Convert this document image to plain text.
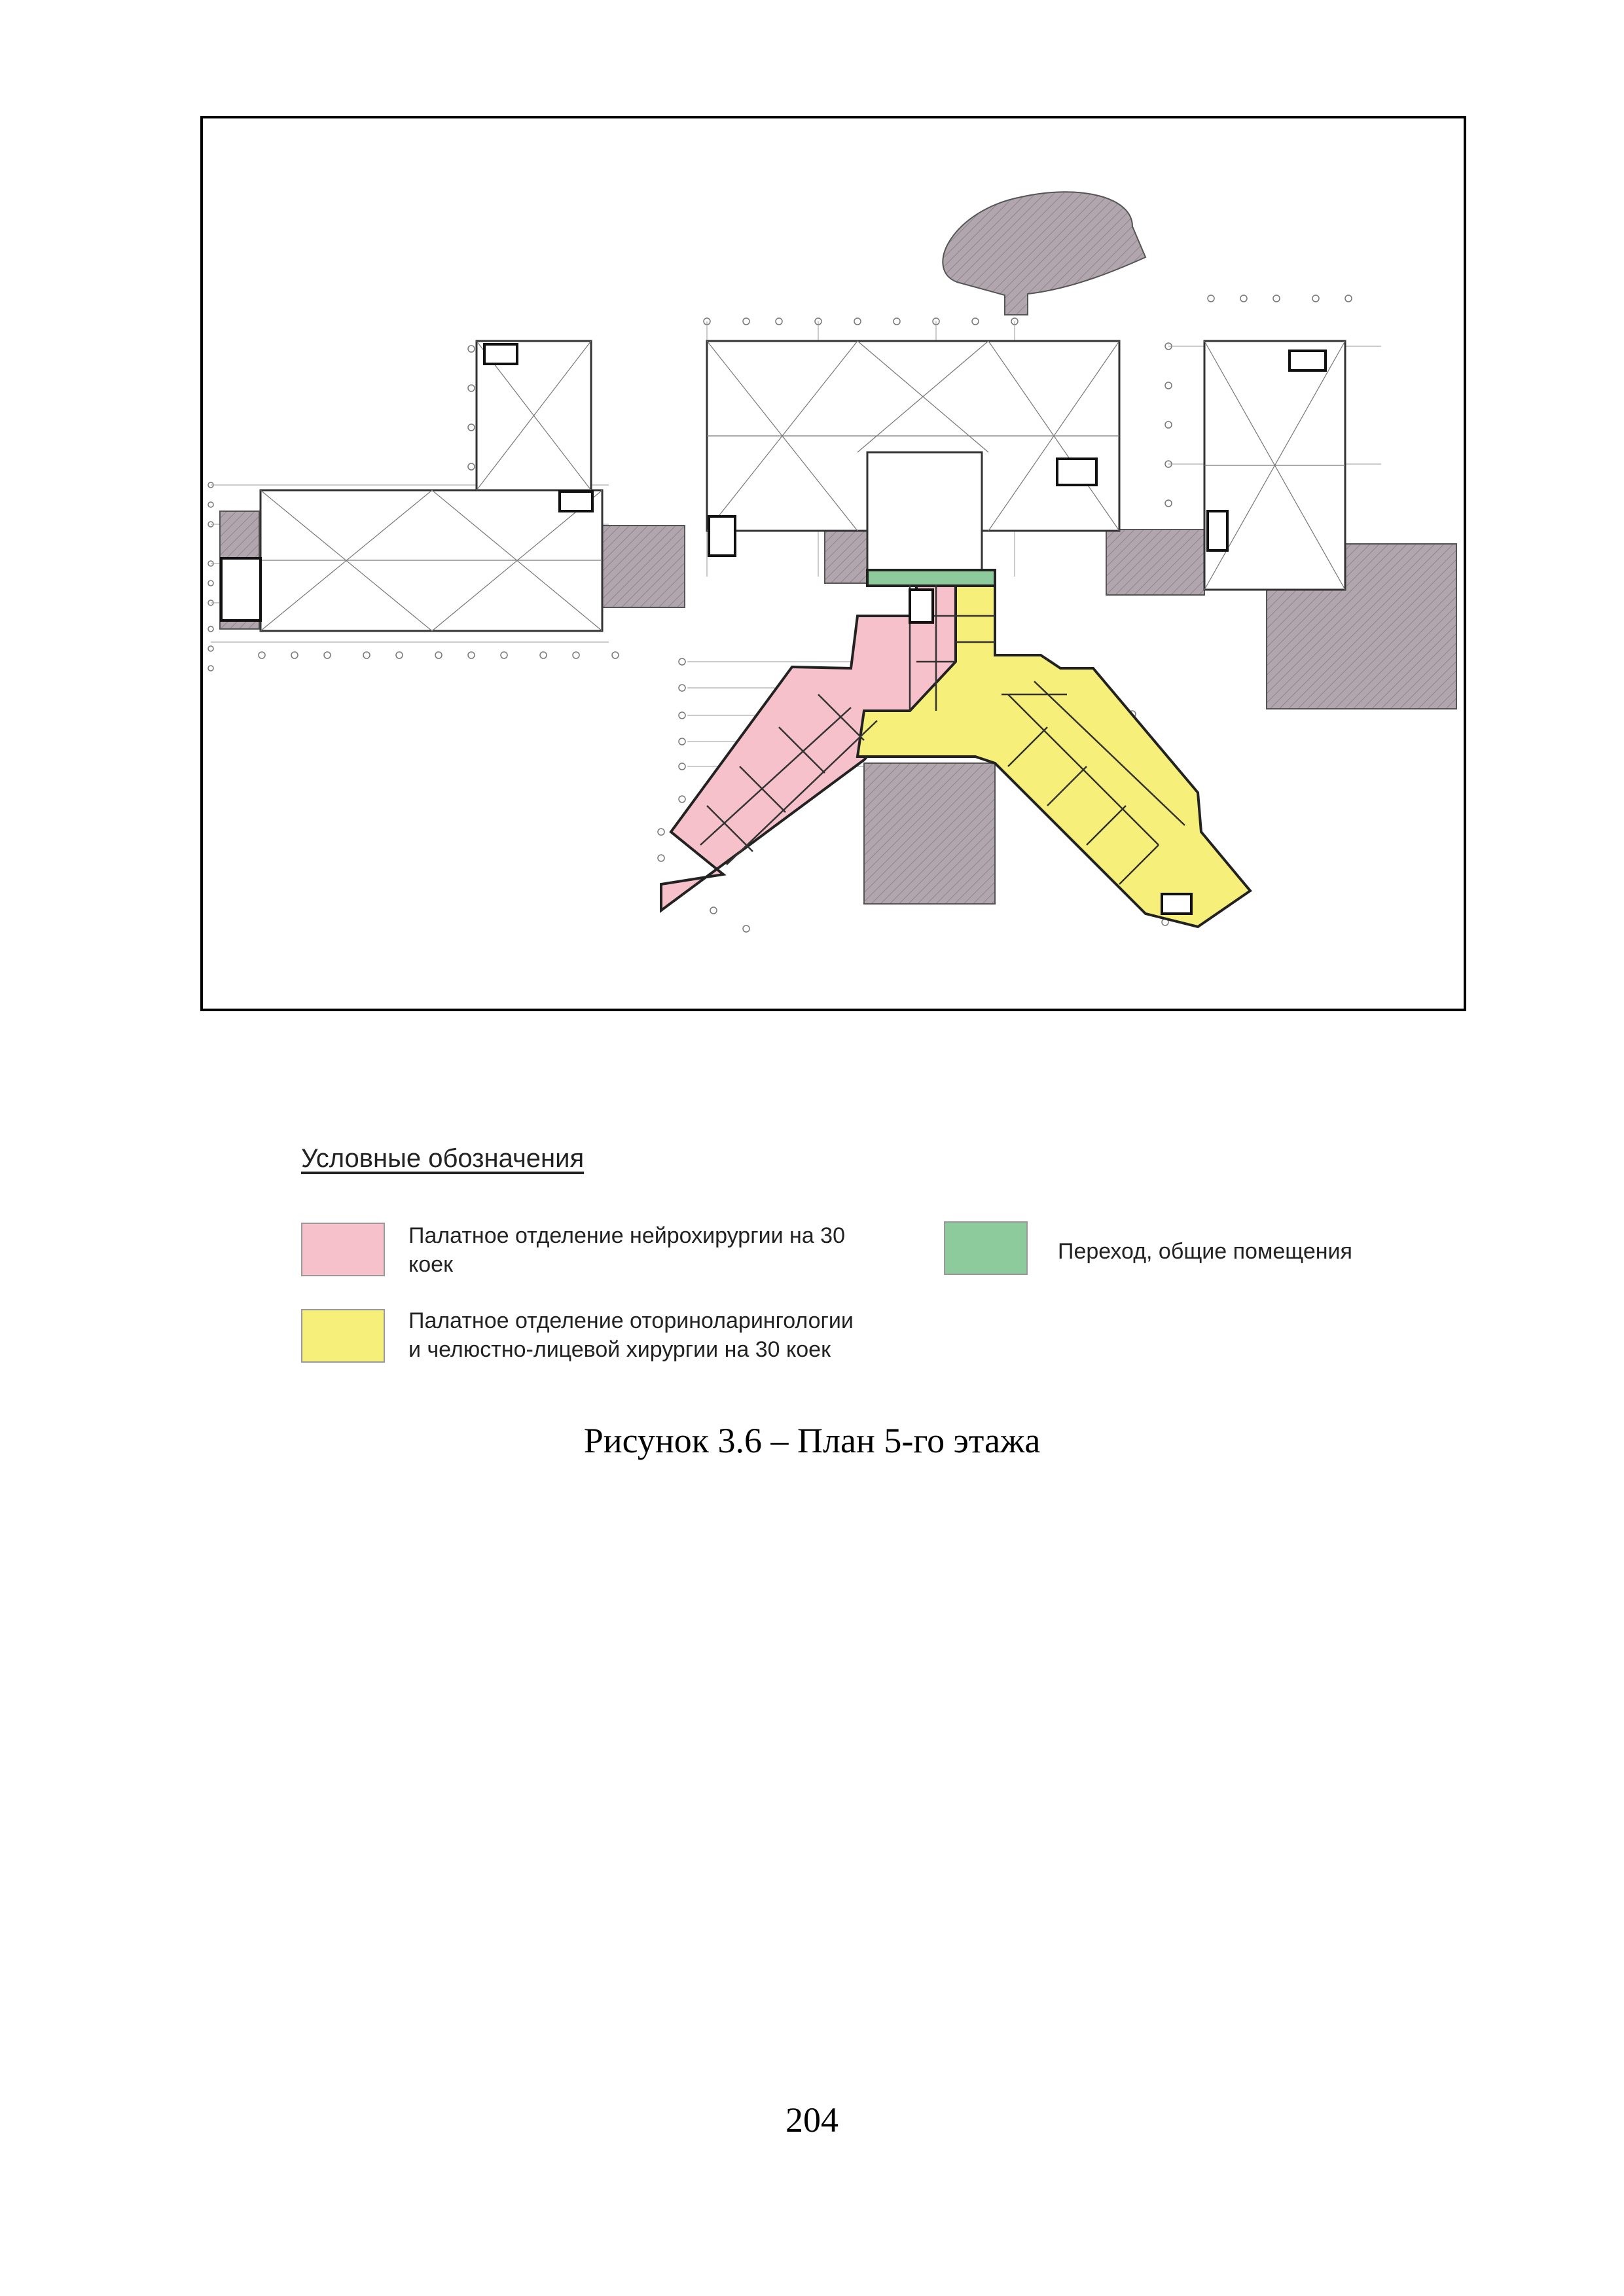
Условные обозначения
Палатное отделение нейрохирургии на 30
коек
Палатное отделение оториноларингологии
и челюстно-лицевой хирургии на 30 коек
Переход, общие помещения
Рисунок 3.6 – План 5-го этажа
204
